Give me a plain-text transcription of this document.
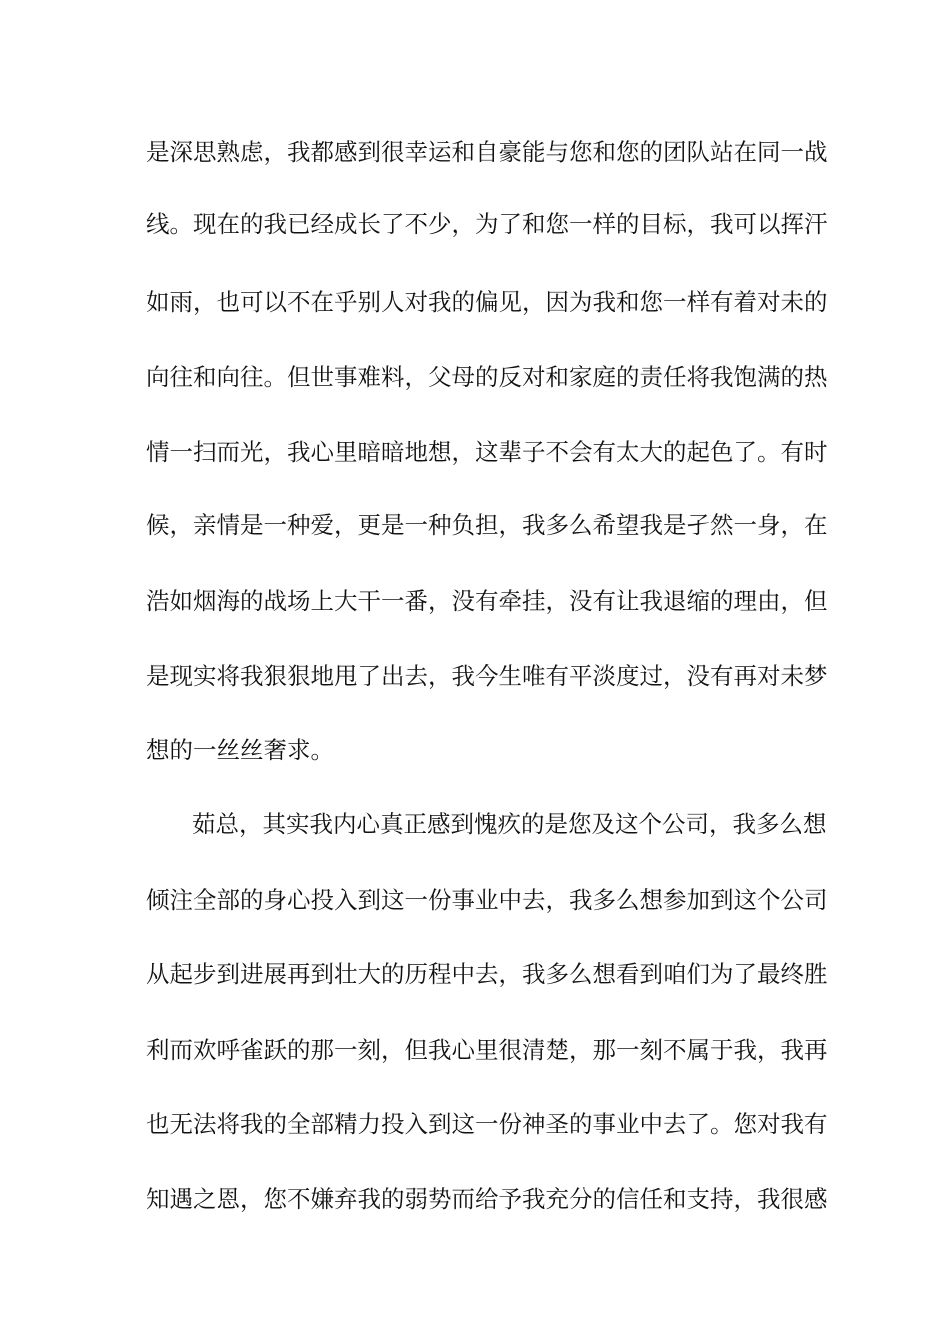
是深思熟虑，我都感到很幸运和自豪能与您和您的团队站在同一战
线。现在的我已经成长了不少，为了和您一样的目标，我可以挥汗
如雨，也可以不在乎别人对我的偏见，因为我和您一样有着对未的
向往和向往。但世事难料，父母的反对和家庭的责任将我饱满的热
情一扫而光，我心里暗暗地想，这辈子不会有太大的起色了。有时
候，亲情是一种爱，更是一种负担，我多么希望我是孑然一身，在
浩如烟海的战场上大干一番，没有牵挂，没有让我退缩的理由，但
是现实将我狠狠地甩了出去，我今生唯有平淡度过，没有再对未梦
想的一丝丝奢求。
茹总，其实我内心真正感到愧疚的是您及这个公司，我多么想
倾注全部的身心投入到这一份事业中去，我多么想参加到这个公司
从起步到进展再到壮大的历程中去，我多么想看到咱们为了最终胜
利而欢呼雀跃的那一刻，但我心里很清楚，那一刻不属于我，我再
也无法将我的全部精力投入到这一份神圣的事业中去了。您对我有
知遇之恩，您不嫌弃我的弱势而给予我充分的信任和支持，我很感
